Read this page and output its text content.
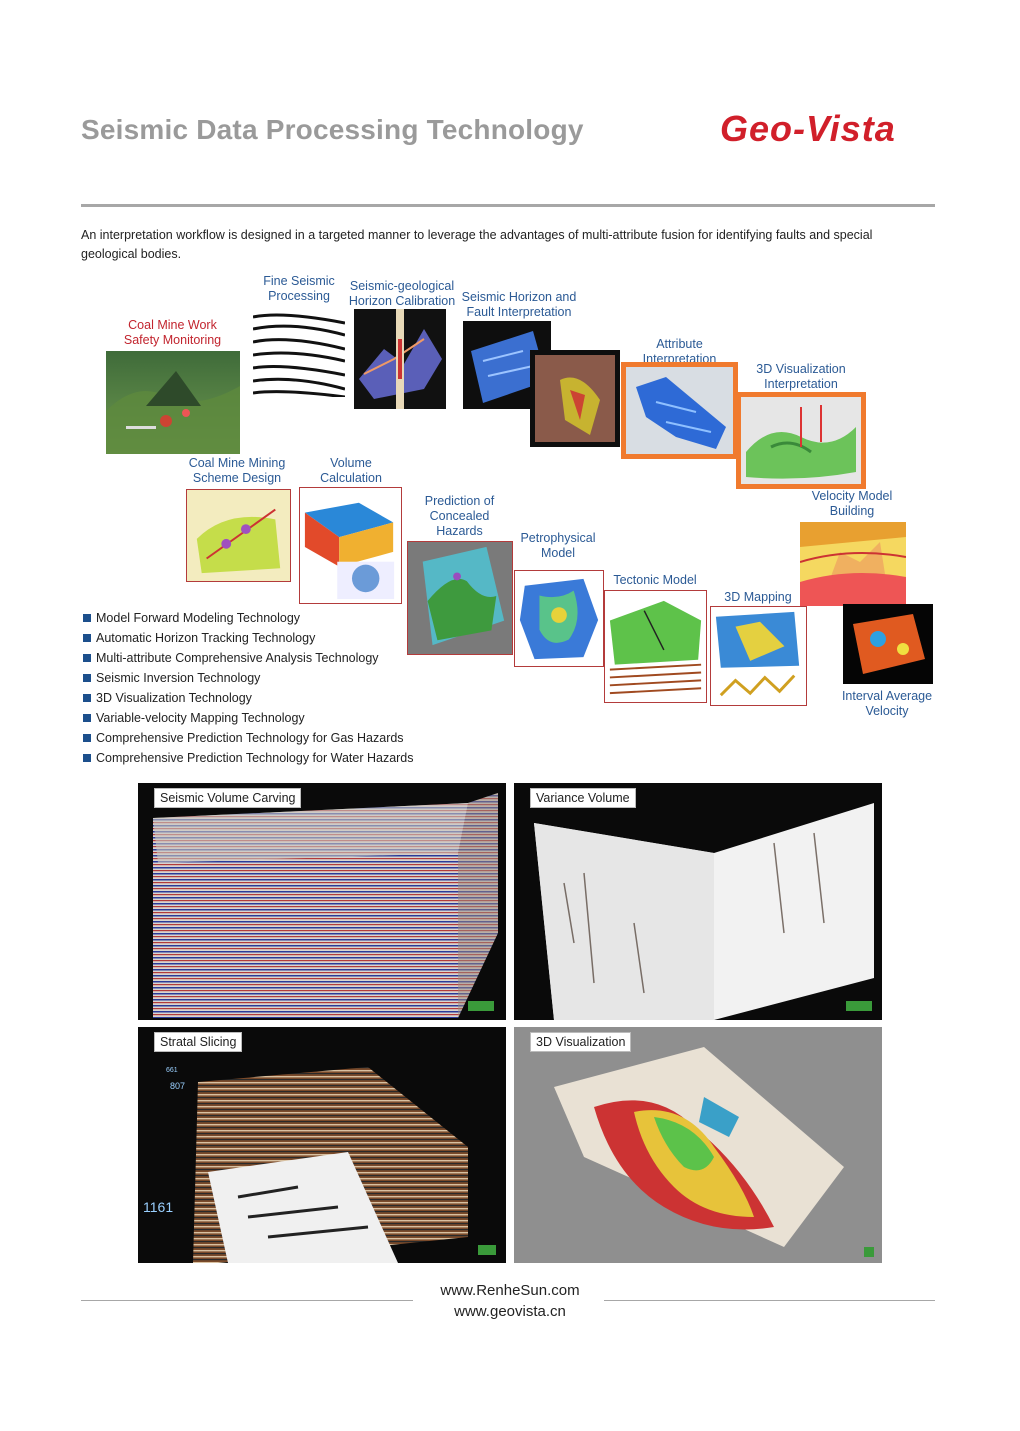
Seismic Data Processing Technology	Geo-Vista
An interpretation workflow is designed in a targeted manner to leverage the advantages of multi-attribute fusion for identifying faults and special geological bodies.
Coal Mine Work
Safety Monitoring
Fine Seismic
Processing
Seismic-geological
Horizon Calibration Seismic Horizon and
Fault Interpretation
Attribute
Interpretation
3D Visualization
Interpretation
Velocity Model
Building
Coal Mine Mining
Scheme Design
Volume
Calculation
Prediction of
Concealed
Hazards	Petrophysical
Model
Tectonic Model
3D Mapping
Interval Average
Velocity
Model Forward Modeling Technology
Automatic Horizon Tracking Technology
Multi-attribute Comprehensive Analysis Technology
Seismic Inversion Technology
3D Visualization Technology
Variable-velocity Mapping Technology
Comprehensive Prediction Technology for Gas Hazards
Comprehensive Prediction Technology for Water Hazards
Seismic Volume Carving	Variance Volume
661
807
1161
Stratal Slicing	3D Visualization
www.RenheSun.com
www.geovista.cn
